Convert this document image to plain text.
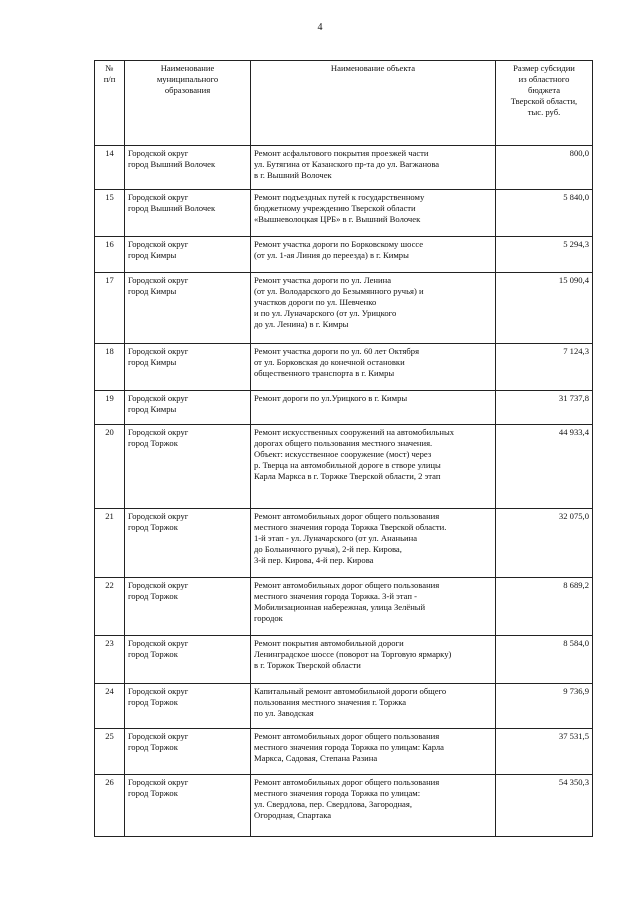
4
№
п/п	Наименование
муниципального
образования	Наименование объекта	Размер субсидии
из областного
бюджета
Тверской области,
тыс. руб.
14	Городской округ
город Вышний Волочек	Ремонт асфальтового покрытия проезжей части
ул. Бутягина от Казанского пр-та до ул. Вагжанова
в г. Вышний Волочек	800,0
15	Городской округ
город Вышний Волочек	Ремонт подъездных путей к государственному
бюджетному учреждению Тверской области
«Вышневолоцкая ЦРБ» в г. Вышний Волочек	5 840,0
16	Городской округ
город Кимры	Ремонт участка дороги по Борковскому шоссе
(от ул. 1-ая Линия до переезда) в г. Кимры	5 294,3
17	Городской округ
город Кимры	Ремонт участка дороги по ул. Ленина
(от ул. Володарского до Безымянного ручья) и
участков дороги по ул. Шевченко
и по ул. Луначарского (от ул. Урицкого
до ул. Ленина) в г. Кимры	15 090,4
18	Городской округ
город Кимры	Ремонт участка дороги по ул. 60 лет Октября
от ул. Борковская до конечной остановки
общественного транспорта в г. Кимры	7 124,3
19	Городской округ
город Кимры	Ремонт дороги по ул.Урицкого в г. Кимры	31 737,8
20	Городской округ
город Торжок	Ремонт искусственных сооружений на автомобильных
дорогах общего пользования местного значения.
Объект: искусственное сооружение (мост) через
р. Тверца на автомобильной дороге в створе улицы
Карла Маркса в г. Торжке Тверской области, 2 этап	44 933,4
21	Городской округ
город Торжок	Ремонт автомобильных дорог общего пользования
местного значения города Торжка Тверской области.
1-й этап - ул. Луначарского (от ул. Ананьина
до Больничного ручья), 2-й пер. Кирова,
3-й пер. Кирова, 4-й пер. Кирова	32 075,0
22	Городской округ
город Торжок	Ремонт автомобильных дорог общего пользования
местного значения города Торжка. 3-й этап -
Мобилизационная набережная, улица Зелёный
городок	8 689,2
23	Городской округ
город Торжок	Ремонт покрытия автомобильной дороги
Ленинградское шоссе (поворот на Торговую ярмарку)
в г. Торжок Тверской области	8 584,0
24	Городской округ
город Торжок	Капитальный ремонт автомобильной дороги общего
пользования местного значения г. Торжка
по ул. Заводская	9 736,9
25	Городской округ
город Торжок	Ремонт автомобильных дорог общего пользования
местного значения города Торжка по улицам: Карла
Маркса, Садовая, Степана Разина	37 531,5
26	Городской округ
город Торжок	Ремонт автомобильных дорог общего пользования
местного значения города Торжка по улицам:
ул. Свердлова, пер. Свердлова, Загородная,
Огородная, Спартака	54 350,3
